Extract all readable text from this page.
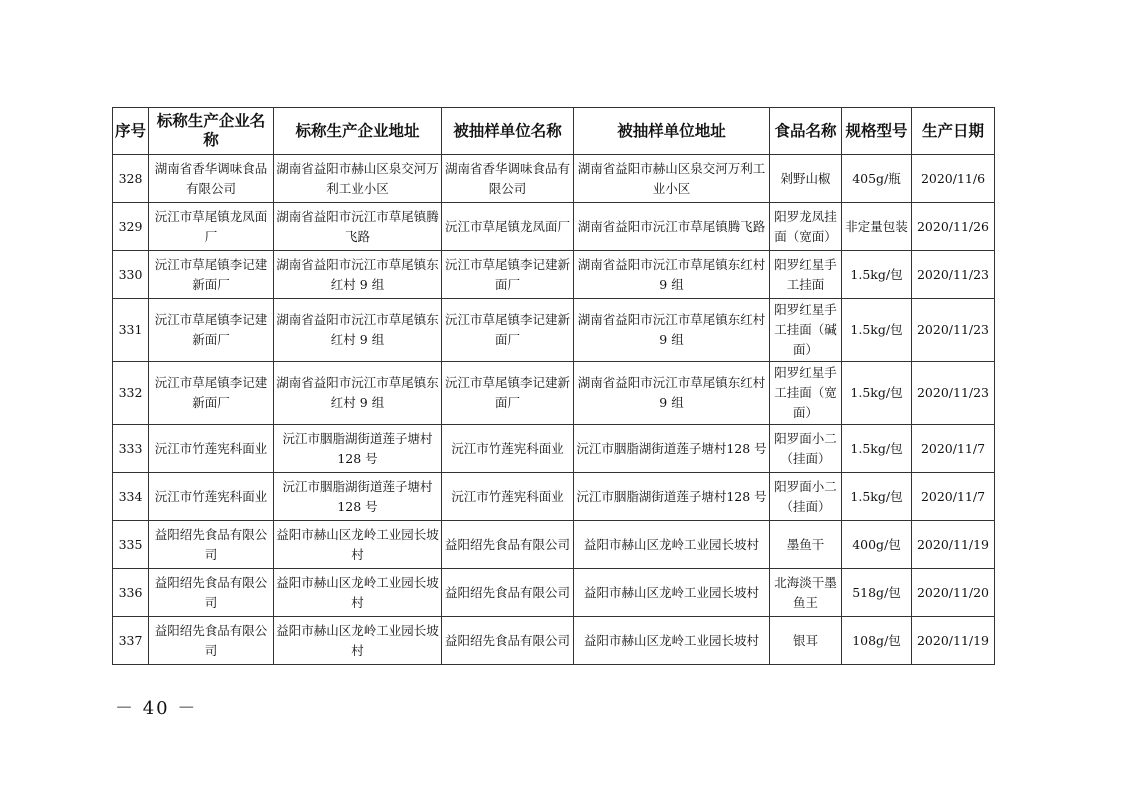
序号	标称生产企业名称	标称生产企业地址	被抽样单位名称	被抽样单位地址	食品名称	规格型号	生产日期
328	湖南省香华调味食品有限公司	湖南省益阳市赫山区泉交河万利工业小区	湖南省香华调味食品有限公司	湖南省益阳市赫山区泉交河万利工业小区	剁野山椒	405g/瓶	2020/11/6
329	沅江市草尾镇龙凤面厂	湖南省益阳市沅江市草尾镇腾飞路	沅江市草尾镇龙凤面厂	湖南省益阳市沅江市草尾镇腾飞路	阳罗龙凤挂面（宽面）	非定量包装	2020/11/26
330	沅江市草尾镇李记建新面厂	湖南省益阳市沅江市草尾镇东红村 9 组	沅江市草尾镇李记建新面厂	湖南省益阳市沅江市草尾镇东红村 9 组	阳罗红星手工挂面	1.5kg/包	2020/11/23
331	沅江市草尾镇李记建新面厂	湖南省益阳市沅江市草尾镇东红村 9 组	沅江市草尾镇李记建新面厂	湖南省益阳市沅江市草尾镇东红村 9 组	阳罗红星手工挂面（碱面）	1.5kg/包	2020/11/23
332	沅江市草尾镇李记建新面厂	湖南省益阳市沅江市草尾镇东红村 9 组	沅江市草尾镇李记建新面厂	湖南省益阳市沅江市草尾镇东红村 9 组	阳罗红星手工挂面（宽面）	1.5kg/包	2020/11/23
333	沅江市竹莲宪科面业	沅江市胭脂湖街道莲子塘村128 号	沅江市竹莲宪科面业	沅江市胭脂湖街道莲子塘村128 号	阳罗面小二（挂面）	1.5kg/包	2020/11/7
334	沅江市竹莲宪科面业	沅江市胭脂湖街道莲子塘村128 号	沅江市竹莲宪科面业	沅江市胭脂湖街道莲子塘村128 号	阳罗面小二（挂面）	1.5kg/包	2020/11/7
335	益阳绍先食品有限公司	益阳市赫山区龙岭工业园长坡村	益阳绍先食品有限公司	益阳市赫山区龙岭工业园长坡村	墨鱼干	400g/包	2020/11/19
336	益阳绍先食品有限公司	益阳市赫山区龙岭工业园长坡村	益阳绍先食品有限公司	益阳市赫山区龙岭工业园长坡村	北海淡干墨鱼王	518g/包	2020/11/20
337	益阳绍先食品有限公司	益阳市赫山区龙岭工业园长坡村	益阳绍先食品有限公司	益阳市赫山区龙岭工业园长坡村	银耳	108g/包	2020/11/19
－ 40 －
